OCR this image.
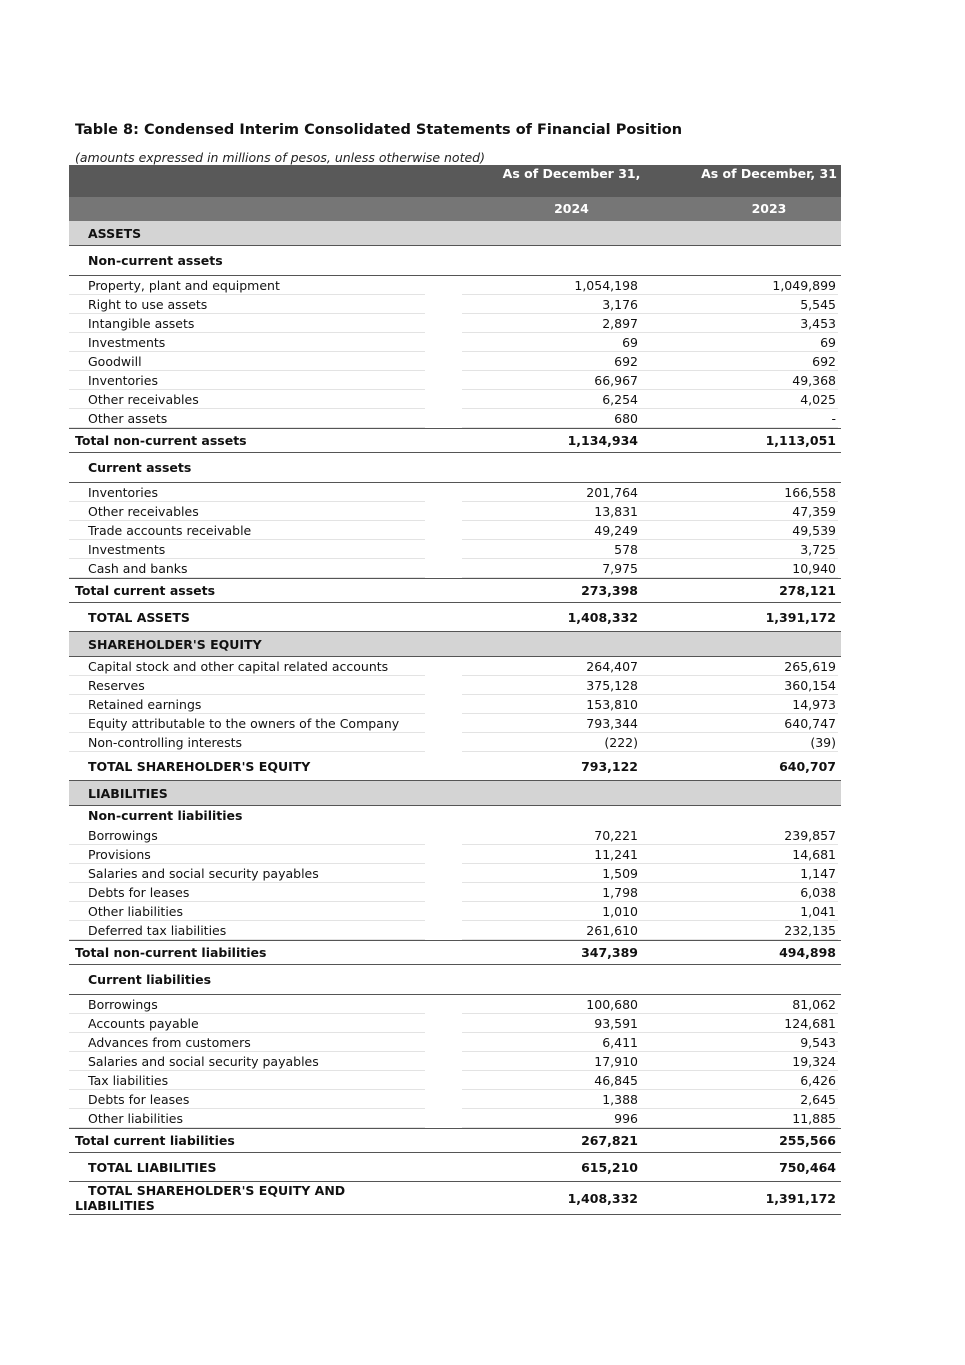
Table 8: Condensed Interim Consolidated Statements of Financial Position
(amounts expressed in millions of pesos, unless otherwise noted)
As of December 31,	As of December, 31
2024	2023
ASSETS
Non-current assets
Property, plant and equipment	1,054,198	1,049,899
Right to use assets	3,176	5,545
Intangible assets	2,897	3,453
Investments	69	69
Goodwill	692	692
Inventories	66,967	49,368
Other receivables	6,254	4,025
Other assets	680	-
Total non-current assets	1,134,934	1,113,051
Current assets
Inventories	201,764	166,558
Other receivables	13,831	47,359
Trade accounts receivable	49,249	49,539
Investments	578	3,725
Cash and banks	7,975	10,940
Total current assets	273,398	278,121
TOTAL ASSETS	1,408,332	1,391,172
SHAREHOLDER'S EQUITY
Capital stock and other capital related accounts	264,407	265,619
Reserves	375,128	360,154
Retained earnings	153,810	14,973
Equity attributable to the owners of the Company	793,344	640,747
Non-controlling interests	(222)	(39)
TOTAL SHAREHOLDER'S EQUITY	793,122	640,707
LIABILITIES
Non-current liabilities
Borrowings	70,221	239,857
Provisions	11,241	14,681
Salaries and social security payables	1,509	1,147
Debts for leases	1,798	6,038
Other liabilities	1,010	1,041
Deferred tax liabilities	261,610	232,135
Total non-current liabilities	347,389	494,898
Current liabilities
Borrowings	100,680	81,062
Accounts payable	93,591	124,681
Advances from customers	6,411	9,543
Salaries and social security payables	17,910	19,324
Tax liabilities	46,845	6,426
Debts for leases	1,388	2,645
Other liabilities	996	11,885
Total current liabilities	267,821	255,566
TOTAL LIABILITIES	615,210	750,464
TOTAL SHAREHOLDER'S EQUITY AND LIABILITIES	1,408,332	1,391,172
